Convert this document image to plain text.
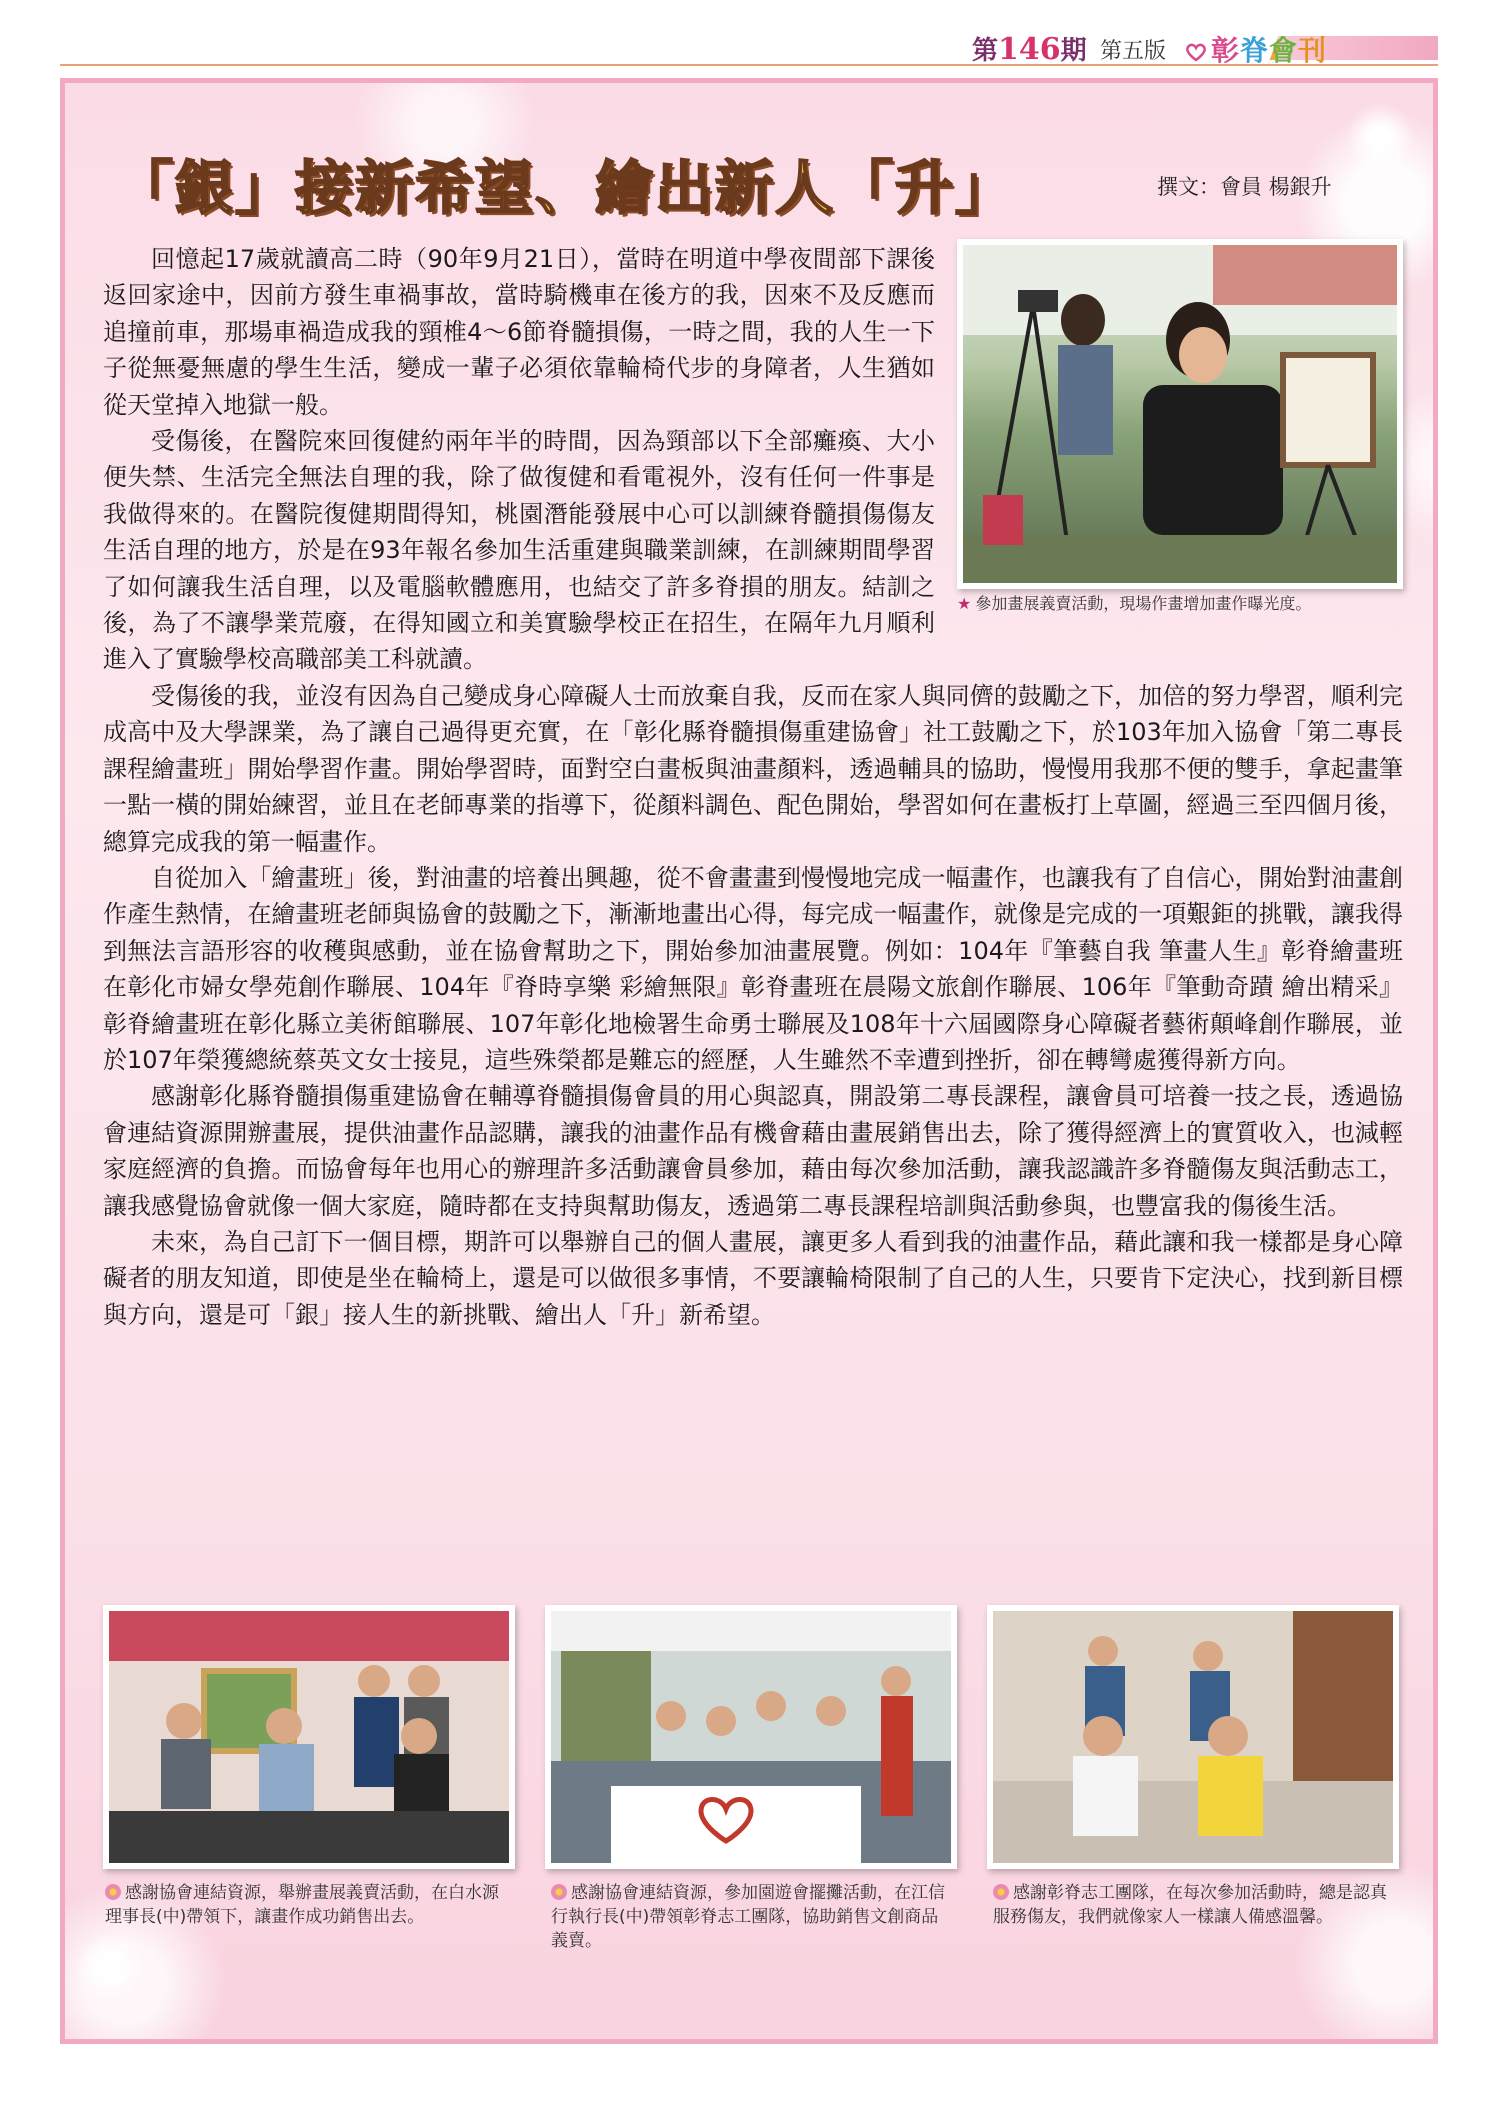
第146期 第五版	彰脊會刊
「銀」接新希望、繪出新人「升」	撰文：會員 楊銀升
★ 參加畫展義賣活動，現場作畫增加畫作曝光度。

回憶起17歲就讀高二時（90年9月21日），當時在明道中學夜間部下課後返回家途中，因前方發生車禍事故，當時騎機車在後方的我，因來不及反應而追撞前車，那場車禍造成我的頸椎4～6節脊髓損傷，一時之間，我的人生一下子從無憂無慮的學生生活，變成一輩子必須依靠輪椅代步的身障者，人生猶如從天堂掉入地獄一般。

受傷後，在醫院來回復健約兩年半的時間，因為頸部以下全部癱瘓、大小便失禁、生活完全無法自理的我，除了做復健和看電視外，沒有任何一件事是我做得來的。在醫院復健期間得知，桃園潛能發展中心可以訓練脊髓損傷傷友生活自理的地方，於是在93年報名參加生活重建與職業訓練，在訓練期間學習了如何讓我生活自理，以及電腦軟體應用，也結交了許多脊損的朋友。結訓之後，為了不讓學業荒廢，在得知國立和美實驗學校正在招生，在隔年九月順利進入了實驗學校高職部美工科就讀。

受傷後的我，並沒有因為自己變成身心障礙人士而放棄自我，反而在家人與同儕的鼓勵之下，加倍的努力學習，順利完成高中及大學課業，為了讓自己過得更充實，在「彰化縣脊髓損傷重建協會」社工鼓勵之下，於103年加入協會「第二專長課程繪畫班」開始學習作畫。開始學習時，面對空白畫板與油畫顏料，透過輔具的協助，慢慢用我那不便的雙手，拿起畫筆一點一橫的開始練習，並且在老師專業的指導下，從顏料調色、配色開始，學習如何在畫板打上草圖，經過三至四個月後，總算完成我的第一幅畫作。

自從加入「繪畫班」後，對油畫的培養出興趣，從不會畫畫到慢慢地完成一幅畫作，也讓我有了自信心，開始對油畫創作產生熱情，在繪畫班老師與協會的鼓勵之下，漸漸地畫出心得，每完成一幅畫作，就像是完成的一項艱鉅的挑戰，讓我得到無法言語形容的收穫與感動，並在協會幫助之下，開始參加油畫展覽。例如：104年『筆藝自我 筆畫人生』彰脊繪畫班在彰化市婦女學苑創作聯展、104年『脊時享樂 彩繪無限』彰脊畫班在晨陽文旅創作聯展、106年『筆動奇蹟 繪出精采』彰脊繪畫班在彰化縣立美術館聯展、107年彰化地檢署生命勇士聯展及108年十六屆國際身心障礙者藝術顛峰創作聯展，並於107年榮獲總統蔡英文女士接見，這些殊榮都是難忘的經歷，人生雖然不幸遭到挫折，卻在轉彎處獲得新方向。

感謝彰化縣脊髓損傷重建協會在輔導脊髓損傷會員的用心與認真，開設第二專長課程，讓會員可培養一技之長，透過協會連結資源開辦畫展，提供油畫作品認購，讓我的油畫作品有機會藉由畫展銷售出去，除了獲得經濟上的實質收入，也減輕家庭經濟的負擔。而協會每年也用心的辦理許多活動讓會員參加，藉由每次參加活動，讓我認識許多脊髓傷友與活動志工，讓我感覺協會就像一個大家庭，隨時都在支持與幫助傷友，透過第二專長課程培訓與活動參與，也豐富我的傷後生活。

未來，為自己訂下一個目標，期許可以舉辦自己的個人畫展，讓更多人看到我的油畫作品，藉此讓和我一樣都是身心障礙者的朋友知道，即使是坐在輪椅上，還是可以做很多事情，不要讓輪椅限制了自己的人生，只要肯下定決心，找到新目標與方向，還是可「銀」接人生的新挑戰、繪出人「升」新希望。

感謝協會連結資源，舉辦畫展義賣活動，在白水源理事長(中)帶領下，讓畫作成功銷售出去。
感謝協會連結資源，參加園遊會擺攤活動，在江信行執行長(中)帶領彰脊志工團隊，協助銷售文創商品義賣。
感謝彰脊志工團隊，在每次參加活動時，總是認真服務傷友，我們就像家人一樣讓人備感溫馨。
